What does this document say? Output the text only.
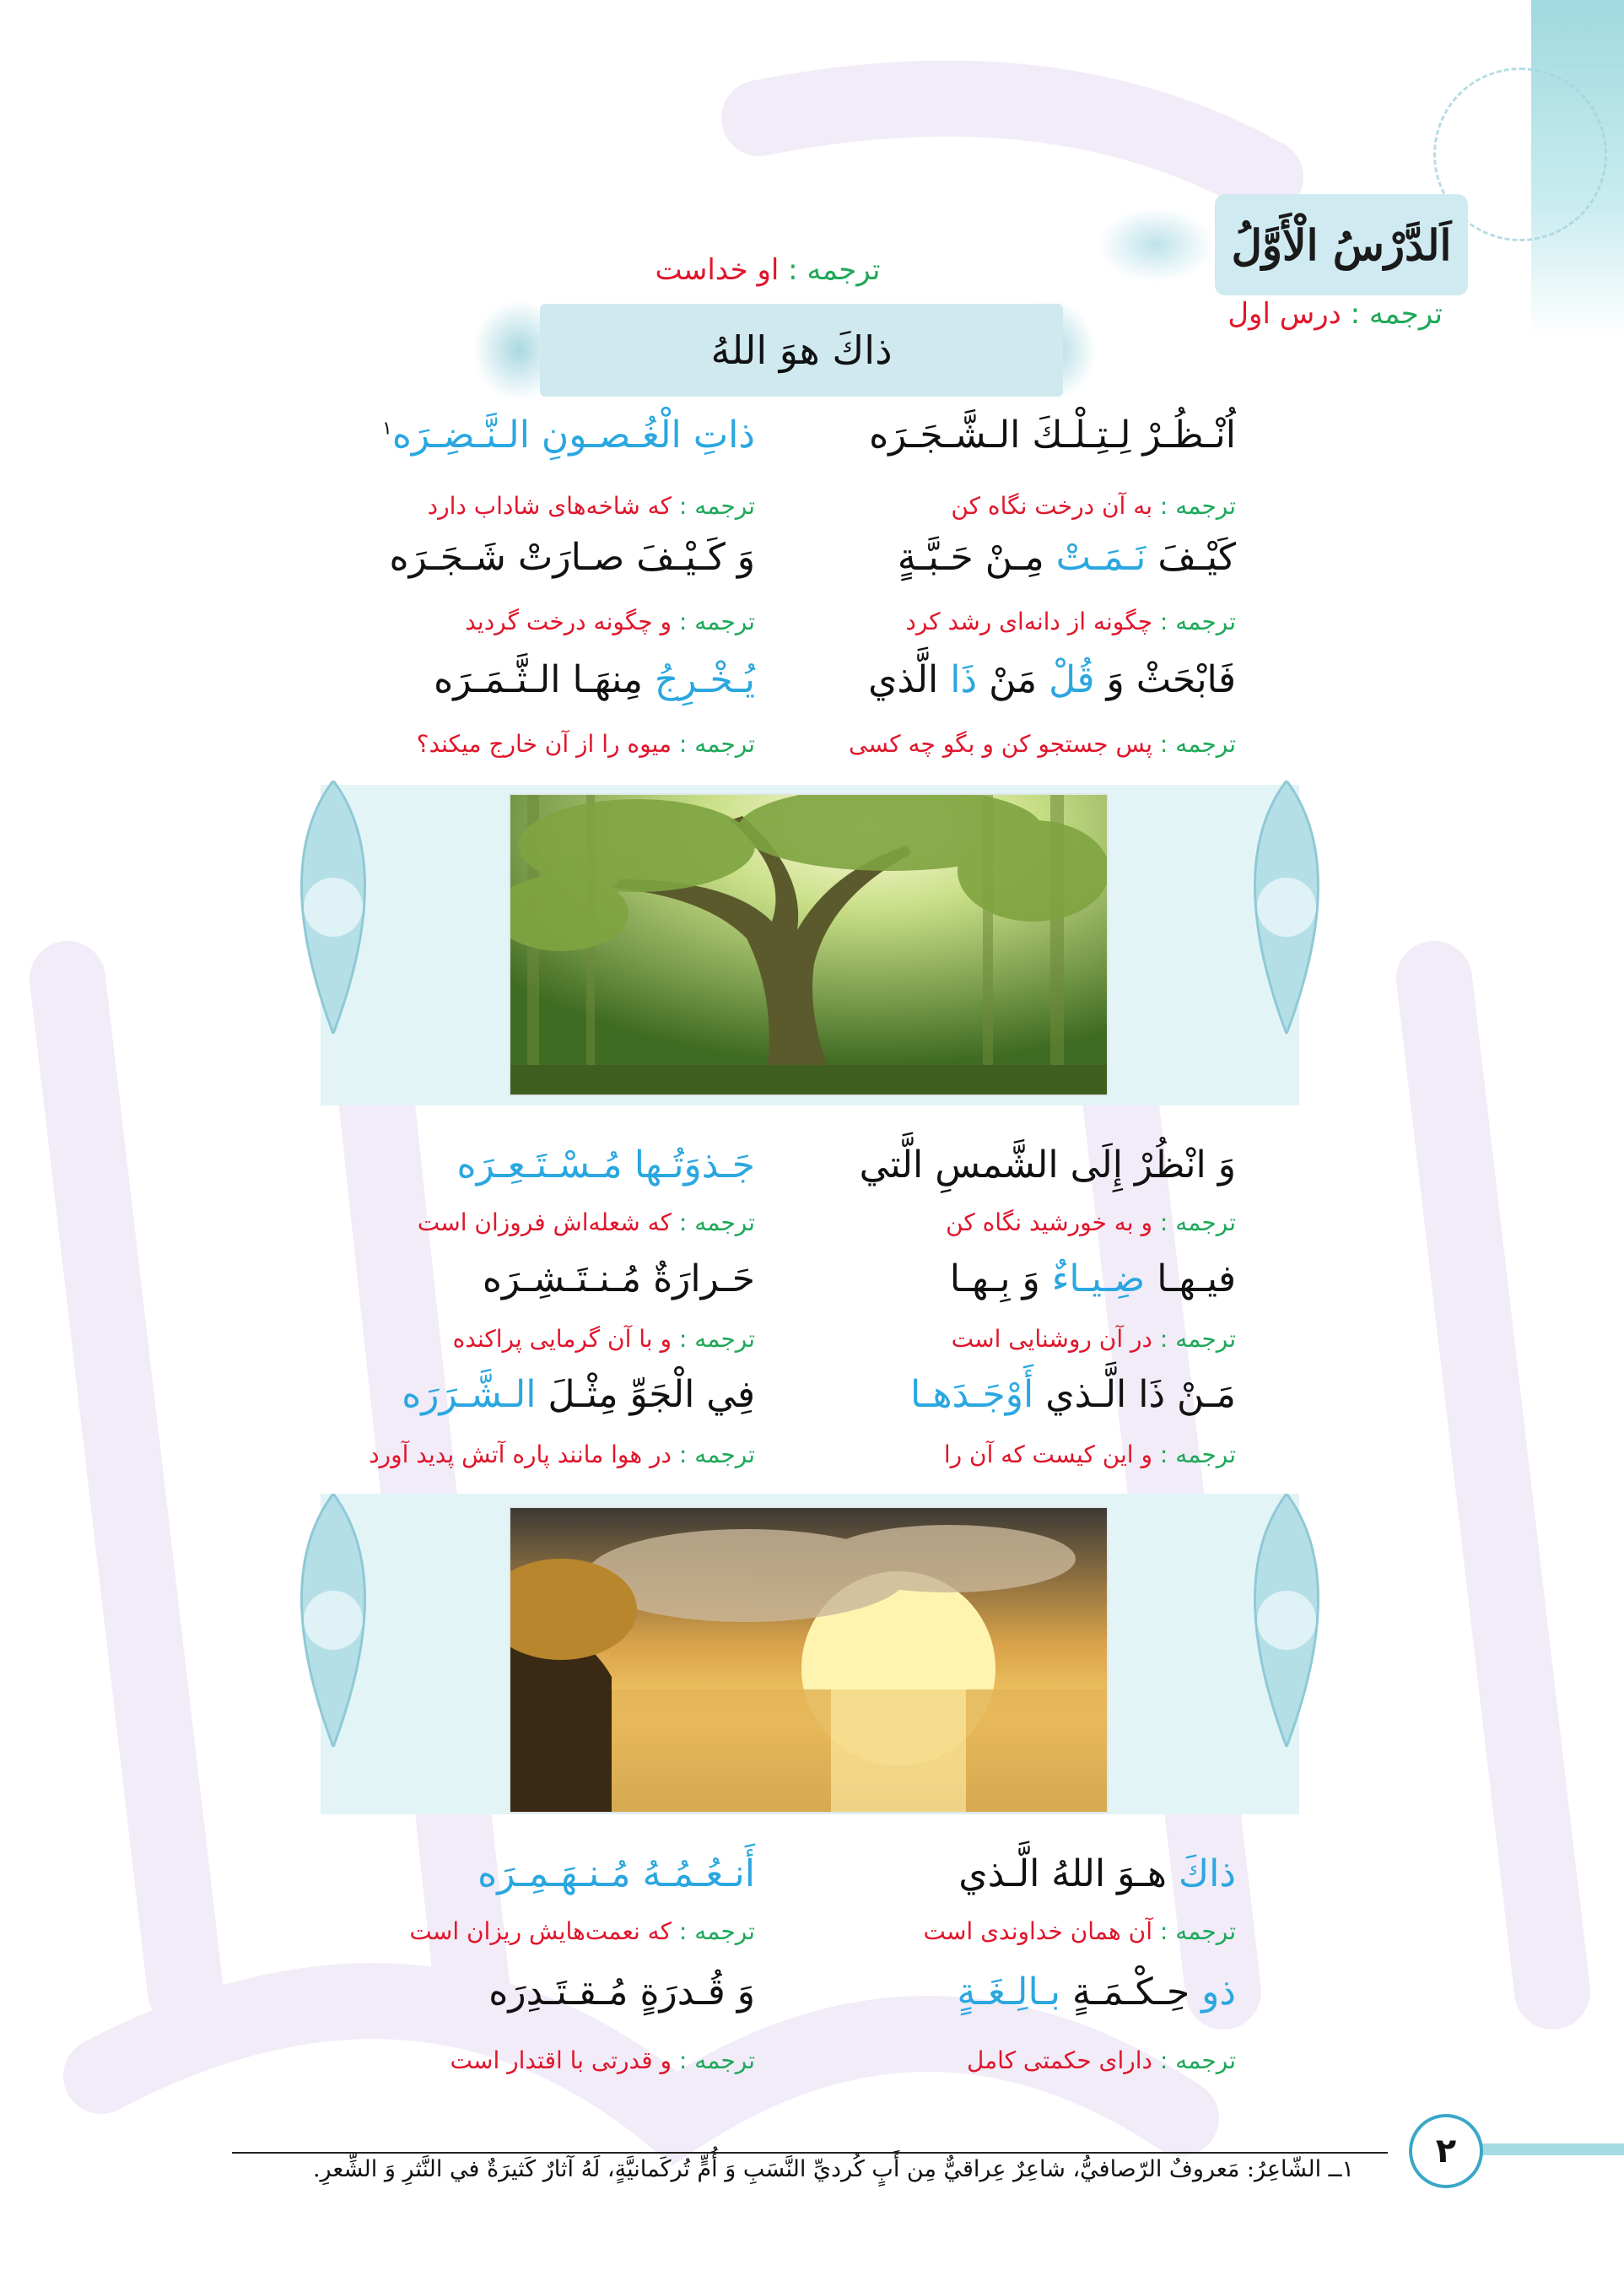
اَلدَّرْسُ الْأَوَّلُ
ترجمه : درس اول
ترجمه : او خداست
ذاكَ هوَ اللهُ
اُنْـظُـرْ لِـتِـلْـكَ الـشَّـجَـرَه
ذاتِ الْغُـصـونِ الـنَّـضِـرَه$^۱$
ترجمه : به آن درخت نگاه کن
ترجمه : که شاخه‌های شاداب دارد
كَيْـفَ نَـمَـتْ مِـنْ حَـبَّـةٍ
وَ كَـيْـفَ صـارَتْ شَـجَـرَه
ترجمه : چگونه از دانه‌ای رشد کرد
ترجمه : و چگونه درخت گردید
فَابْحَثْ وَ قُلْ مَنْ ذَا الَّذي
يُـخْـرِجُ مِنهَـا الـثَّـمَـرَه
ترجمه : پس جستجو کن و بگو چه کسی
ترجمه : میوه را از آن خارج میکند؟
وَ انْظُرْ إِلَى الشَّمسِ الَّتي
جَـذوَتُـها مُـسْـتَـعِـرَه
ترجمه : و به خورشید نگاه کن
ترجمه : که شعله‌اش فروزان است
فيـهـا ضِـيـاءٌ وَ بِـهـا
حَـرارَةٌ مُـنـتَـشِـرَه
ترجمه : در آن روشنایی است
ترجمه : و با آن گرمایی پراکنده
مَـنْ ذَا الَّـذي أَوْجَـدَهـا
فِي الْجَوِّ مِثْـلَ الـشَّـرَرَه
ترجمه : و این کیست که آن را
ترجمه : در هوا مانند پاره آتش پدید آورد
ذاكَ هـوَ اللهُ الَّـذي
أَنـعُـمُـهُ مُـنـهَـمِـرَه
ترجمه : آن همان خداوندی است
ترجمه : که نعمت‌هایش ریزان است
ذو حِـكْـمَـةٍ بـالِـغَـةٍ
وَ قُـدرَةٍ مُـقـتَـدِرَه
ترجمه : دارای حکمتی کامل
ترجمه : و قدرتی با اقتدار است
۱ــ الشّاعِرُ: مَعروفٌ الرّصافيُّ، شاعِرٌ عِراقيٌّ مِن أَبٍ كُرديِّ النَّسَبِ وَ أُمٍّ تُركَمانيَّةٍ، لَهُ آثارٌ كَثيرَةٌ في النَّثرِ وَ الشِّعرِ.	۲
